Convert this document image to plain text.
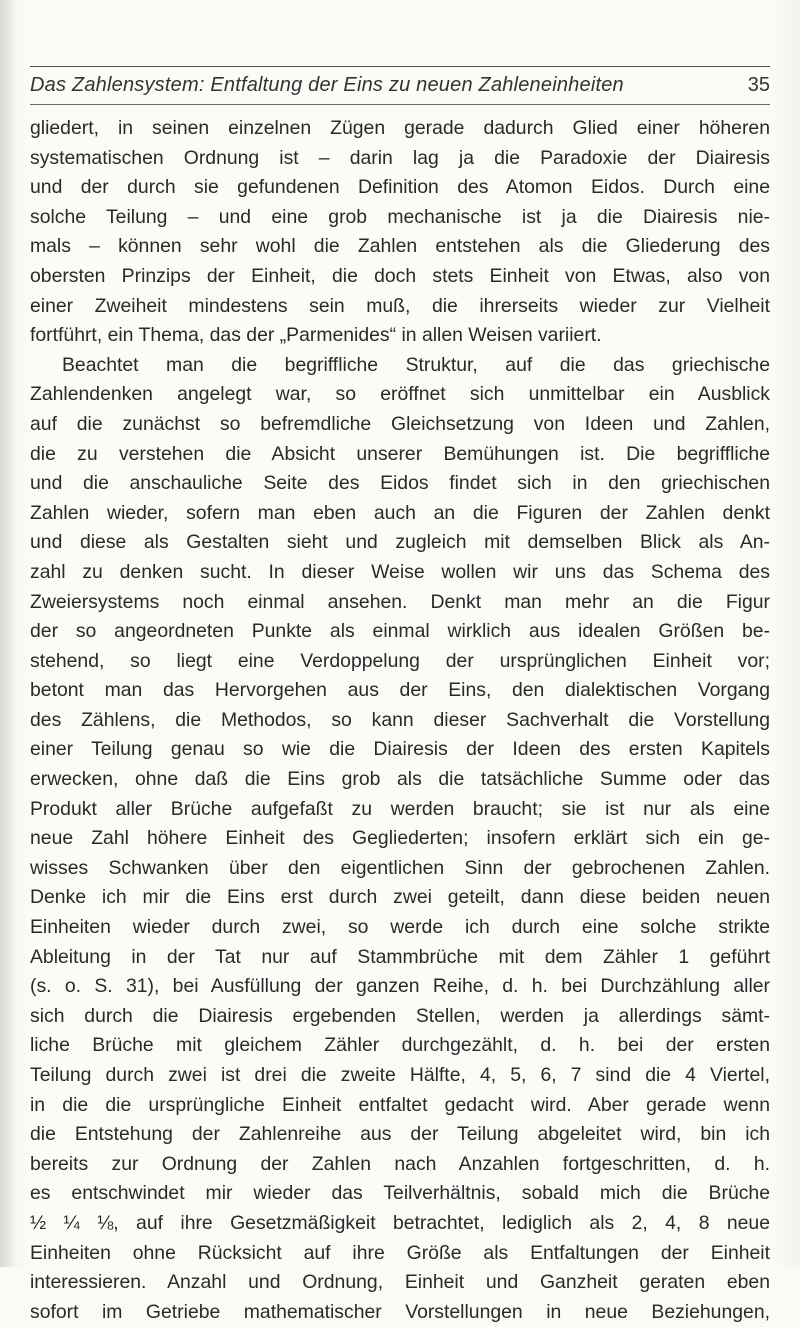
Das Zahlensystem: Entfaltung der Eins zu neuen Zahleneinheiten	35
gliedert, in seinen einzelnen Zügen gerade dadurch Glied einer höheren
systematischen Ordnung ist – darin lag ja die Paradoxie der Diairesis
und der durch sie gefundenen Definition des Atomon Eidos. Durch eine
solche Teilung – und eine grob mechanische ist ja die Diairesis nie-
mals – können sehr wohl die Zahlen entstehen als die Gliederung des
obersten Prinzips der Einheit, die doch stets Einheit von Etwas, also von
einer Zweiheit mindestens sein muß, die ihrerseits wieder zur Vielheit
fortführt, ein Thema, das der „Parmenides“ in allen Weisen variiert.
Beachtet man die begriffliche Struktur, auf die das griechische
Zahlendenken angelegt war, so eröffnet sich unmittelbar ein Ausblick
auf die zunächst so befremdliche Gleichsetzung von Ideen und Zahlen,
die zu verstehen die Absicht unserer Bemühungen ist. Die begriffliche
und die anschauliche Seite des Eidos findet sich in den griechischen
Zahlen wieder, sofern man eben auch an die Figuren der Zahlen denkt
und diese als Gestalten sieht und zugleich mit demselben Blick als An-
zahl zu denken sucht. In dieser Weise wollen wir uns das Schema des
Zweiersystems noch einmal ansehen. Denkt man mehr an die Figur
der so angeordneten Punkte als einmal wirklich aus idealen Größen be-
stehend, so liegt eine Verdoppelung der ursprünglichen Einheit vor;
betont man das Hervorgehen aus der Eins, den dialektischen Vorgang
des Zählens, die Methodos, so kann dieser Sachverhalt die Vorstellung
einer Teilung genau so wie die Diairesis der Ideen des ersten Kapitels
erwecken, ohne daß die Eins grob als die tatsächliche Summe oder das
Produkt aller Brüche aufgefaßt zu werden braucht; sie ist nur als eine
neue Zahl höhere Einheit des Gegliederten; insofern erklärt sich ein ge-
wisses Schwanken über den eigentlichen Sinn der gebrochenen Zahlen.
Denke ich mir die Eins erst durch zwei geteilt, dann diese beiden neuen
Einheiten wieder durch zwei, so werde ich durch eine solche strikte
Ableitung in der Tat nur auf Stammbrüche mit dem Zähler 1 geführt
(s. o. S. 31), bei Ausfüllung der ganzen Reihe, d. h. bei Durchzählung aller
sich durch die Diairesis ergebenden Stellen, werden ja allerdings sämt-
liche Brüche mit gleichem Zähler durchgezählt, d. h. bei der ersten
Teilung durch zwei ist drei die zweite Hälfte, 4, 5, 6, 7 sind die 4 Viertel,
in die die ursprüngliche Einheit entfaltet gedacht wird. Aber gerade wenn
die Entstehung der Zahlenreihe aus der Teilung abgeleitet wird, bin ich
bereits zur Ordnung der Zahlen nach Anzahlen fortgeschritten, d. h.
es entschwindet mir wieder das Teilverhältnis, sobald mich die Brüche
½ ¼ ⅛, auf ihre Gesetzmäßigkeit betrachtet, lediglich als 2, 4, 8 neue
Einheiten ohne Rücksicht auf ihre Größe als Entfaltungen der Einheit
interessieren. Anzahl und Ordnung, Einheit und Ganzheit geraten eben
sofort im Getriebe mathematischer Vorstellungen in neue Beziehungen,
